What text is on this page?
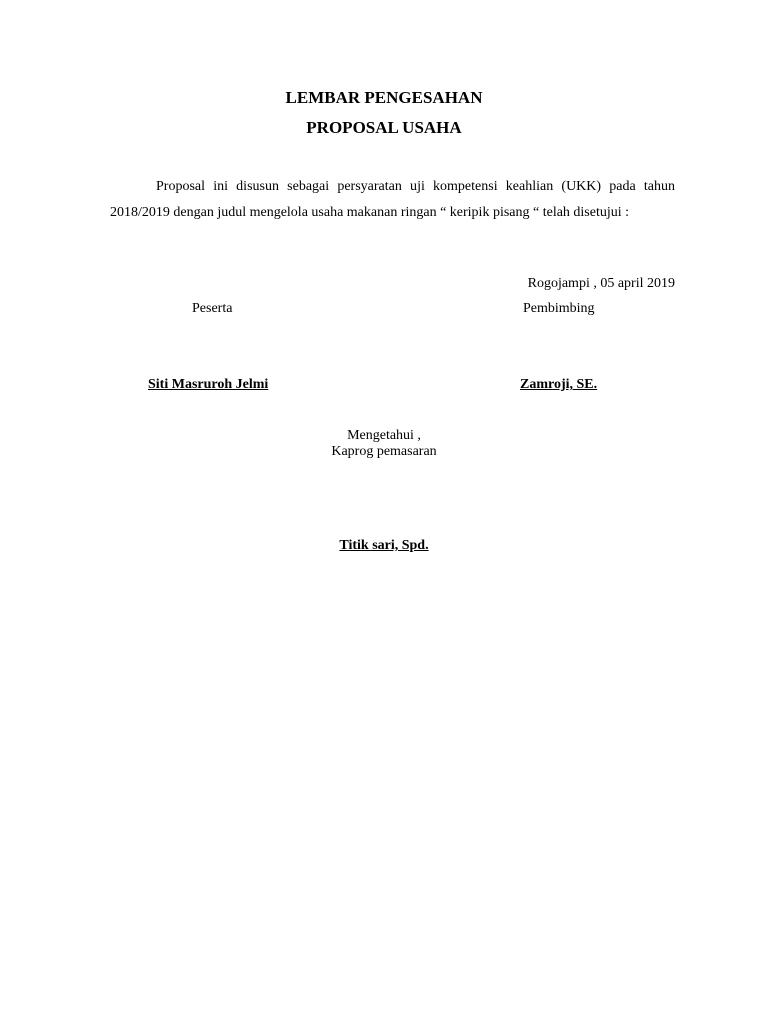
LEMBAR PENGESAHAN
PROPOSAL USAHA
Proposal ini disusun sebagai persyaratan uji kompetensi keahlian (UKK) pada tahun 2018/2019 dengan judul mengelola usaha makanan ringan “ keripik pisang “ telah disetujui :
Rogojampi , 05 april 2019
Peserta	Pembimbing
Siti Masruroh Jelmi	Zamroji, SE.
Mengetahui ,
Kaprog pemasaran
Titik sari, Spd.
